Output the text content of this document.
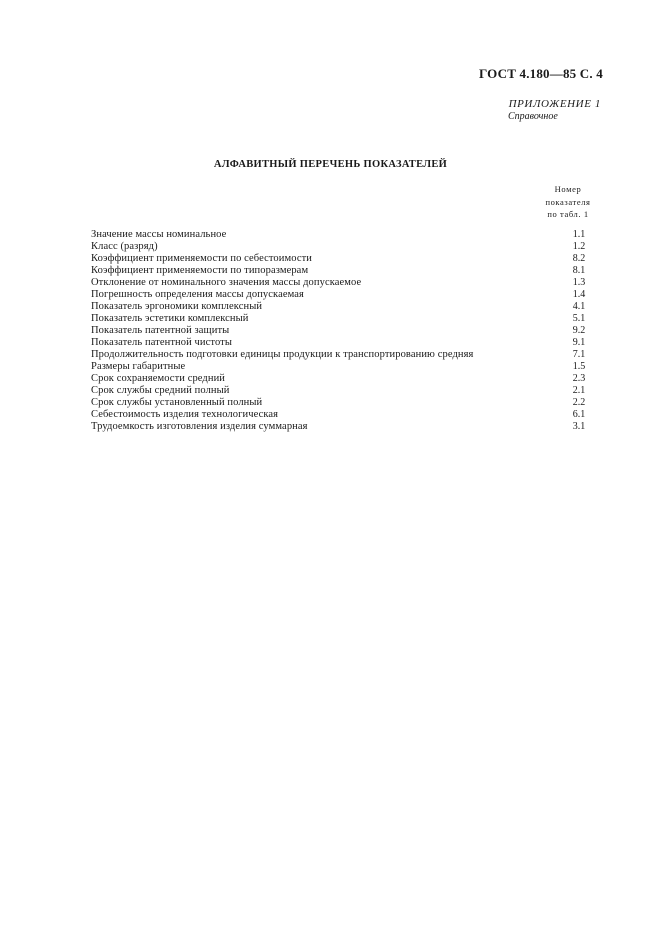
ГОСТ 4.180—85 С. 4
ПРИЛОЖЕНИЕ 1
Справочное
АЛФАВИТНЫЙ ПЕРЕЧЕНЬ ПОКАЗАТЕЛЕЙ
Номер
показателя
по табл. 1
Значение массы номинальное	1.1
Класс (разряд)	1.2
Коэффициент применяемости по себестоимости	8.2
Коэффициент применяемости по типоразмерам	8.1
Отклонение от номинального значения массы допускаемое	1.3
Погрешность определения массы допускаемая	1.4
Показатель эргономики комплексный	4.1
Показатель эстетики комплексный	5.1
Показатель патентной защиты	9.2
Показатель патентной чистоты	9.1
Продолжительность подготовки единицы продукции к транспортированию средняя	7.1
Размеры габаритные	1.5
Срок сохраняемости средний	2.3
Срок службы средний полный	2.1
Срок службы установленный полный	2.2
Себестоимость изделия технологическая	6.1
Трудоемкость изготовления изделия суммарная	3.1
